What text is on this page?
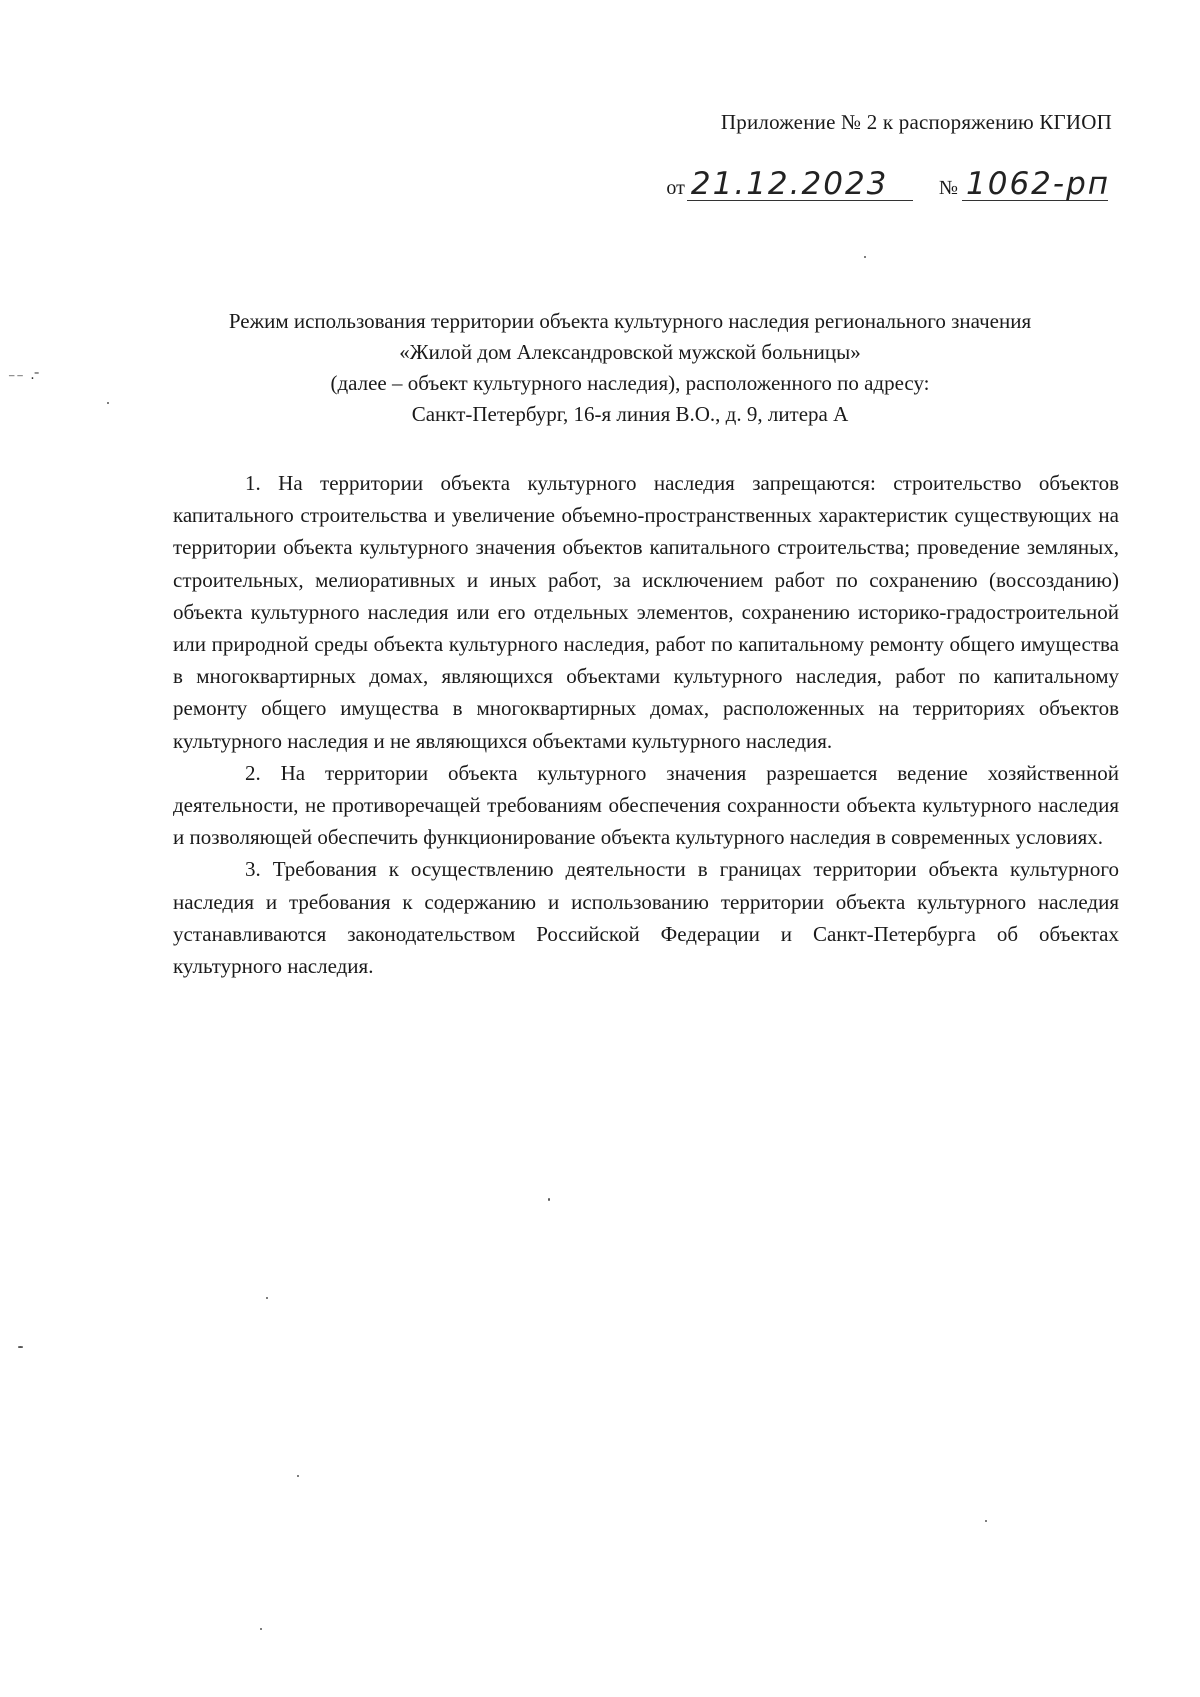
Приложение № 2 к распоряжению КГИОП
от 21.12.2023	№ 1062-рп
Режим использования территории объекта культурного наследия регионального значения
«Жилой дом Александровской мужской больницы»
(далее – объект культурного наследия), расположенного по адресу:
Санкт-Петербург, 16-я линия В.О., д. 9, литера А

1. На территории объекта культурного наследия запрещаются: строительство объектов капитального строительства и увеличение объемно-пространственных характеристик существующих на территории объекта культурного значения объектов капитального строительства; проведение земляных, строительных, мелиоративных и иных работ, за исключением работ по сохранению (воссозданию) объекта культурного наследия или его отдельных элементов, сохранению историко-градостроительной или природной среды объекта культурного наследия, работ по капитальному ремонту общего имущества в многоквартирных домах, являющихся объектами культурного наследия, работ по капитальному ремонту общего имущества в многоквартирных домах, расположенных на территориях объектов культурного наследия и не являющихся объектами культурного наследия.

2. На территории объекта культурного значения разрешается ведение хозяйственной деятельности, не противоречащей требованиям обеспечения сохранности объекта культурного наследия и позволяющей обеспечить функционирование объекта культурного наследия в современных условиях.

3. Требования к осуществлению деятельности в границах территории объекта культурного наследия и требования к содержанию и использованию территории объекта культурного наследия устанавливаются законодательством Российской Федерации и Санкт-Петербурга об объектах культурного наследия.

⁻⁻ · ̄
